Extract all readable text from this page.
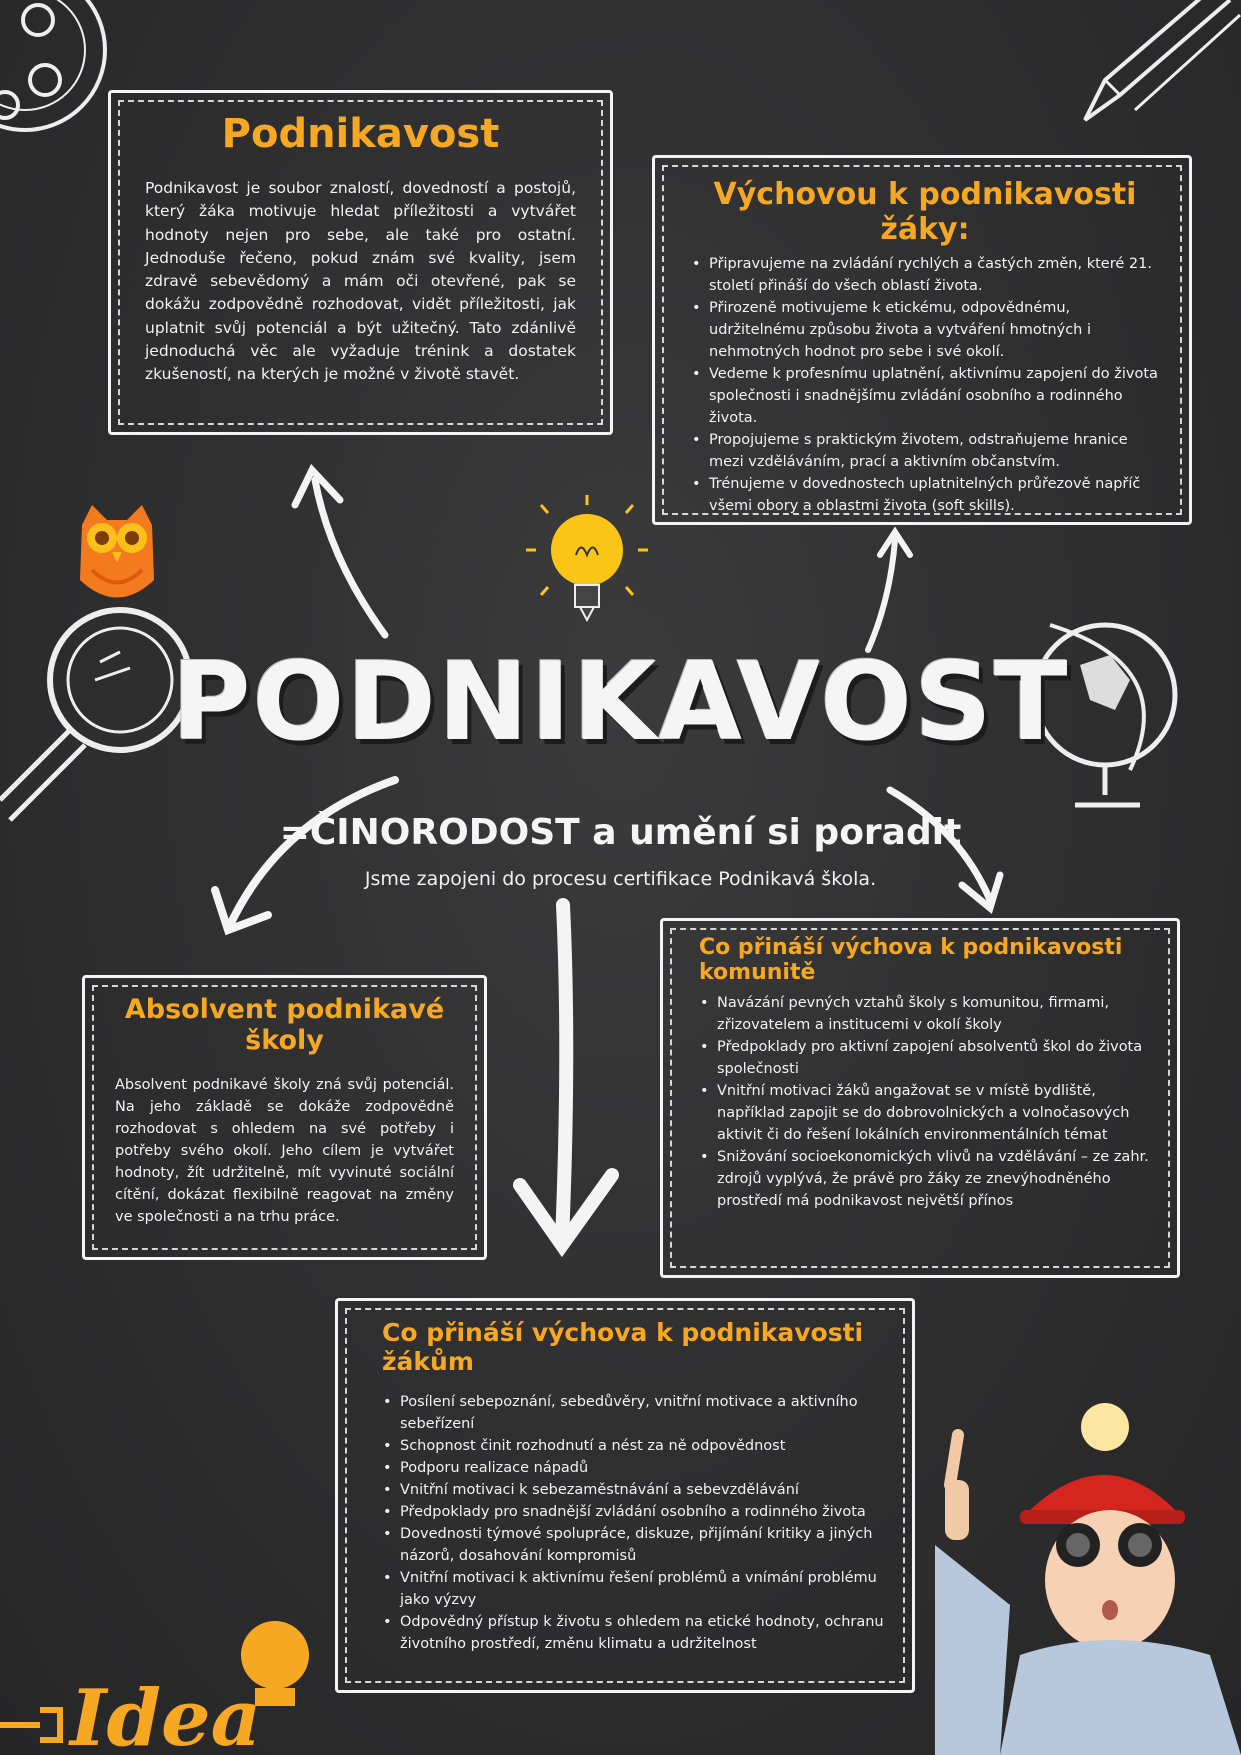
Idea
Podnikavost

Podnikavost je soubor znalostí, dovedností a postojů, který žáka motivuje hledat příležitosti a vytvářet hodnoty nejen pro sebe, ale také pro ostatní. Jednoduše řečeno, pokud znám své kvality, jsem zdravě sebevědomý a mám oči otevřené, pak se dokážu zodpovědně rozhodovat, vidět příležitosti, jak uplatnit svůj potenciál a být užitečný. Tato zdánlivě jednoduchá věc ale vyžaduje trénink a dostatek zkušeností, na kterých je možné v životě stavět.

Výchovou k podnikavosti žáky:
• Připravujeme na zvládání rychlých a častých změn, které 21. století přináší do všech oblastí života.
• Přirozeně motivujeme k etickému, odpovědnému, udržitelnému způsobu života a vytváření hmotných i nehmotných hodnot pro sebe i své okolí.
• Vedeme k profesnímu uplatnění, aktivnímu zapojení do života společnosti i snadnějšímu zvládání osobního a rodinného života.
• Propojujeme s praktickým životem, odstraňujeme hranice mezi vzděláváním, prací a aktivním občanstvím.
• Trénujeme v dovednostech uplatnitelných průřezově napříč všemi obory a oblastmi života (soft skills).
PODNIKAVOST
=ČINORODOST a umění si poradit
Jsme zapojeni do procesu certifikace Podnikavá škola.
Absolvent podnikavé školy

Absolvent podnikavé školy zná svůj potenciál. Na jeho základě se dokáže zodpovědně rozhodovat s ohledem na své potřeby i potřeby svého okolí. Jeho cílem je vytvářet hodnoty, žít udržitelně, mít vyvinuté sociální cítění, dokázat flexibilně reagovat na změny ve společnosti a na trhu práce.

Co přináší výchova k podnikavosti komunitě
• Navázání pevných vztahů školy s komunitou, firmami, zřizovatelem a institucemi v okolí školy
• Předpoklady pro aktivní zapojení absolventů škol do života společnosti
• Vnitřní motivaci žáků angažovat se v místě bydliště, například zapojit se do dobrovolnických a volnočasových aktivit či do řešení lokálních environmentálních témat
• Snižování socioekonomických vlivů na vzdělávání – ze zahr. zdrojů vyplývá, že právě pro žáky ze znevýhodněného prostředí má podnikavost největší přínos
Co přináší výchova k podnikavosti žákům
• Posílení sebepoznání, sebedůvěry, vnitřní motivace a aktivního sebeřízení
• Schopnost činit rozhodnutí a nést za ně odpovědnost
• Podporu realizace nápadů
• Vnitřní motivaci k sebezaměstnávání a sebevzdělávání
• Předpoklady pro snadnější zvládání osobního a rodinného života
• Dovednosti týmové spolupráce, diskuze, přijímání kritiky a jiných názorů, dosahování kompromisů
• Vnitřní motivaci k aktivnímu řešení problémů a vnímání problému jako výzvy
• Odpovědný přístup k životu s ohledem na etické hodnoty, ochranu životního prostředí, změnu klimatu a udržitelnost
